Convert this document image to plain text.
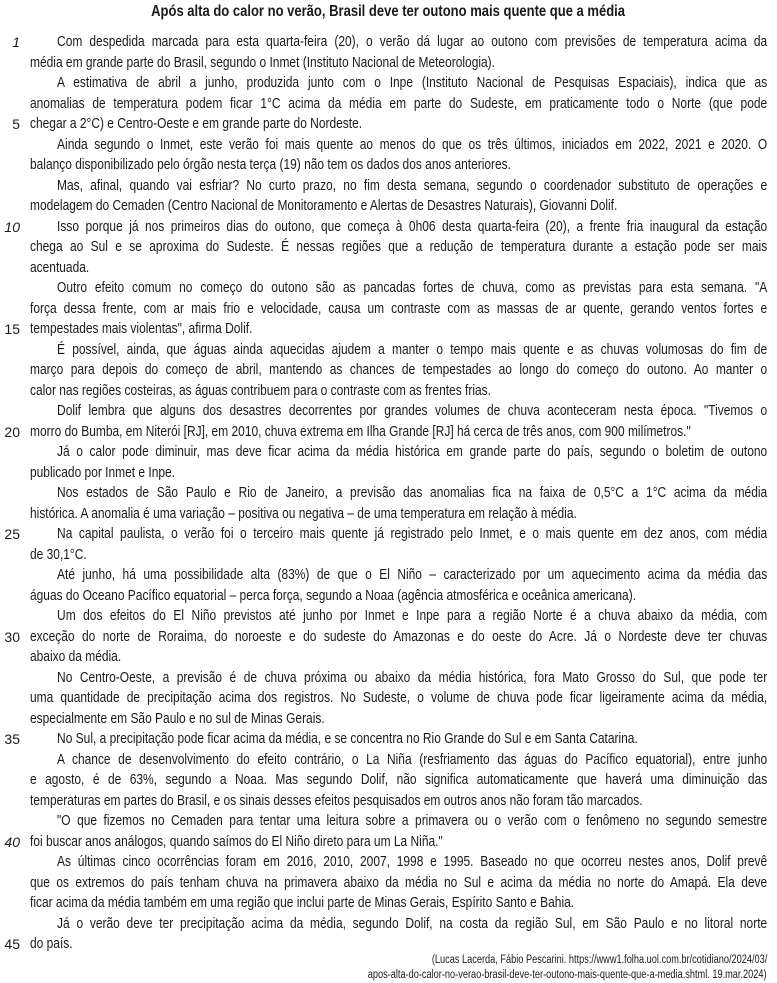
Após alta do calor no verão, Brasil deve ter outono mais quente que a média
Com despedida marcada para esta quarta-feira (20), o verão dá lugar ao outono com previsões de temperatura acima da
1
média em grande parte do Brasil, segundo o Inmet (Instituto Nacional de Meteorologia).
A estimativa de abril a junho, produzida junto com o Inpe (Instituto Nacional de Pesquisas Espaciais), indica que as
anomalias de temperatura podem ficar 1°C acima da média em parte do Sudeste, em praticamente todo o Norte (que pode
chegar a 2°C) e Centro-Oeste e em grande parte do Nordeste.
5
Ainda segundo o Inmet, este verão foi mais quente ao menos do que os três últimos, iniciados em 2022, 2021 e 2020. O
balanço disponibilizado pelo órgão nesta terça (19) não tem os dados dos anos anteriores.
Mas, afinal, quando vai esfriar? No curto prazo, no fim desta semana, segundo o coordenador substituto de operações e
modelagem do Cemaden (Centro Nacional de Monitoramento e Alertas de Desastres Naturais), Giovanni Dolif.
Isso porque já nos primeiros dias do outono, que começa à 0h06 desta quarta-feira (20), a frente fria inaugural da estação
10
chega ao Sul e se aproxima do Sudeste. É nessas regiões que a redução de temperatura durante a estação pode ser mais
acentuada.
Outro efeito comum no começo do outono são as pancadas fortes de chuva, como as previstas para esta semana. "A
força dessa frente, com ar mais frio e velocidade, causa um contraste com as massas de ar quente, gerando ventos fortes e
tempestades mais violentas", afirma Dolif.
15
É possível, ainda, que águas ainda aquecidas ajudem a manter o tempo mais quente e as chuvas volumosas do fim de
março para depois do começo de abril, mantendo as chances de tempestades ao longo do começo do outono. Ao manter o
calor nas regiões costeiras, as águas contribuem para o contraste com as frentes frias.
Dolif lembra que alguns dos desastres decorrentes por grandes volumes de chuva aconteceram nesta época. "Tivemos o
morro do Bumba, em Niterói [RJ], em 2010, chuva extrema em Ilha Grande [RJ] há cerca de três anos, com 900 milímetros."
20
Já o calor pode diminuir, mas deve ficar acima da média histórica em grande parte do país, segundo o boletim de outono
publicado por Inmet e Inpe.
Nos estados de São Paulo e Rio de Janeiro, a previsão das anomalias fica na faixa de 0,5°C a 1°C acima da média
histórica. A anomalia é uma variação – positiva ou negativa – de uma temperatura em relação à média.
Na capital paulista, o verão foi o terceiro mais quente já registrado pelo Inmet, e o mais quente em dez anos, com média
25
de 30,1°C.
Até junho, há uma possibilidade alta (83%) de que o El Niño – caracterizado por um aquecimento acima da média das
águas do Oceano Pacífico equatorial – perca força, segundo a Noaa (agência atmosférica e oceânica americana).
Um dos efeitos do El Niño previstos até junho por Inmet e Inpe para a região Norte é a chuva abaixo da média, com
exceção do norte de Roraima, do noroeste e do sudeste do Amazonas e do oeste do Acre. Já o Nordeste deve ter chuvas
30
abaixo da média.
No Centro-Oeste, a previsão é de chuva próxima ou abaixo da média histórica, fora Mato Grosso do Sul, que pode ter
uma quantidade de precipitação acima dos registros. No Sudeste, o volume de chuva pode ficar ligeiramente acima da média,
especialmente em São Paulo e no sul de Minas Gerais.
No Sul, a precipitação pode ficar acima da média, e se concentra no Rio Grande do Sul e em Santa Catarina.
35
A chance de desenvolvimento do efeito contrário, o La Niña (resfriamento das águas do Pacífico equatorial), entre junho
e agosto, é de 63%, segundo a Noaa. Mas segundo Dolif, não significa automaticamente que haverá uma diminuição das
temperaturas em partes do Brasil, e os sinais desses efeitos pesquisados em outros anos não foram tão marcados.
"O que fizemos no Cemaden para tentar uma leitura sobre a primavera ou o verão com o fenômeno no segundo semestre
foi buscar anos análogos, quando saímos do El Niño direto para um La Niña."
40
As últimas cinco ocorrências foram em 2016, 2010, 2007, 1998 e 1995. Baseado no que ocorreu nestes anos, Dolif prevê
que os extremos do país tenham chuva na primavera abaixo da média no Sul e acima da média no norte do Amapá. Ela deve
ficar acima da média também em uma região que inclui parte de Minas Gerais, Espírito Santo e Bahia.
Já o verão deve ter precipitação acima da média, segundo Dolif, na costa da região Sul, em São Paulo e no litoral norte
do país.
45
(Lucas Lacerda, Fábio Pescarini. https://www1.folha.uol.com.br/cotidiano/2024/03/
apos-alta-do-calor-no-verao-brasil-deve-ter-outono-mais-quente-que-a-media.shtml. 19.mar.2024)
